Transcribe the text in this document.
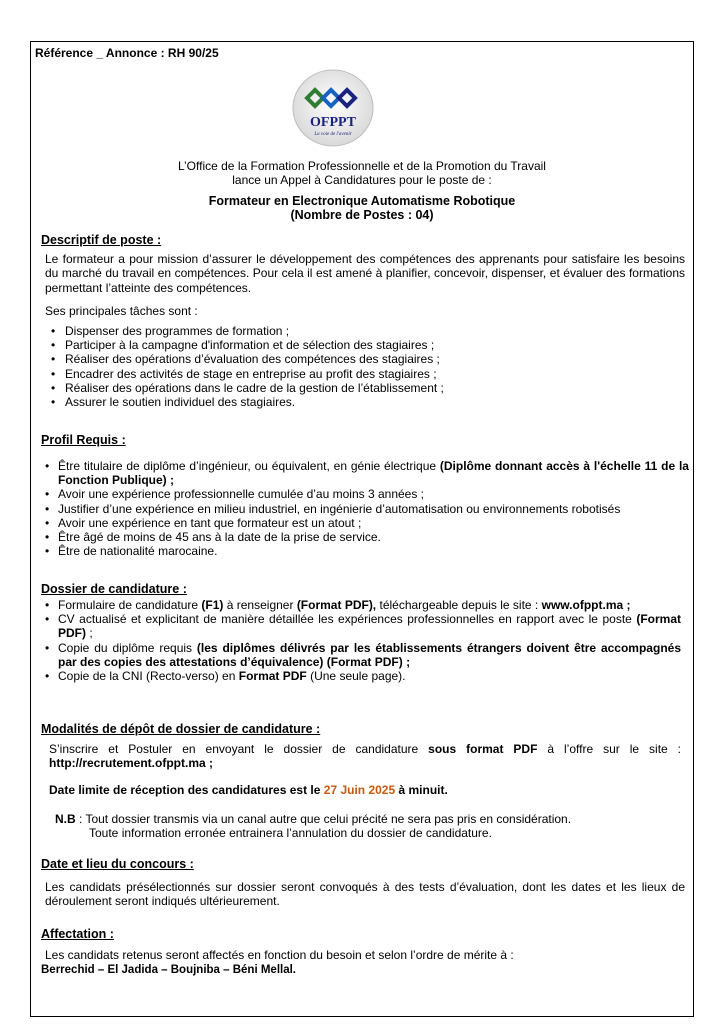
Référence _ Annonce : RH 90/25
OFPPT
La voie de l'avenir
L’Office de la Formation Professionnelle et de la Promotion du Travail
lance un Appel à Candidatures pour le poste de :
Formateur en Electronique Automatisme Robotique
(Nombre de Postes : 04)
Descriptif de poste :
Le formateur a pour mission d’assurer le développement des compétences des apprenants pour satisfaire les besoins du marché du travail en compétences. Pour cela il est amené à planifier, concevoir, dispenser, et évaluer des formations permettant l’atteinte des compétences.
Ses principales tâches sont :
• Dispenser des programmes de formation ;
• Participer à la campagne d'information et de sélection des stagiaires ;
• Réaliser des opérations d’évaluation des compétences des stagiaires ;
• Encadrer des activités de stage en entreprise au profit des stagiaires ;
• Réaliser des opérations dans le cadre de la gestion de l’établissement ;
• Assurer le soutien individuel des stagiaires.
Profil Requis :
• Être titulaire de diplôme d’ingénieur, ou équivalent, en génie électrique (Diplôme donnant accès à l'échelle 11 de la Fonction Publique) ;
• Avoir une expérience professionnelle cumulée d’au moins 3 années ;
• Justifier d’une expérience en milieu industriel, en ingénierie d’automatisation ou environnements robotisés
• Avoir une expérience en tant que formateur est un atout ;
• Être âgé de moins de 45 ans à la date de la prise de service.
• Être de nationalité marocaine.
Dossier de candidature :
• Formulaire de candidature (F1) à renseigner (Format PDF), téléchargeable depuis le site : www.ofppt.ma ;
• CV actualisé et explicitant de manière détaillée les expériences professionnelles en rapport avec le poste (Format PDF) ;
• Copie du diplôme requis (les diplômes délivrés par les établissements étrangers doivent être accompagnés par des copies des attestations d’équivalence) (Format PDF) ;
• Copie de la CNI (Recto-verso) en Format PDF (Une seule page).
Modalités de dépôt de dossier de candidature :
S’inscrire et Postuler en envoyant le dossier de candidature sous format PDF à l’offre sur le site : http://recrutement.ofppt.ma ;
Date limite de réception des candidatures est le 27 Juin 2025 à minuit.
N.B : Tout dossier transmis via un canal autre que celui précité ne sera pas pris en considération.
Toute information erronée entrainera l’annulation du dossier de candidature.
Date et lieu du concours :
Les candidats présélectionnés sur dossier seront convoqués à des tests d’évaluation, dont les dates et les lieux de déroulement seront indiqués ultérieurement.
Affectation :
Les candidats retenus seront affectés en fonction du besoin et selon l’ordre de mérite à :
Berrechid – El Jadida – Boujniba – Béni Mellal.
